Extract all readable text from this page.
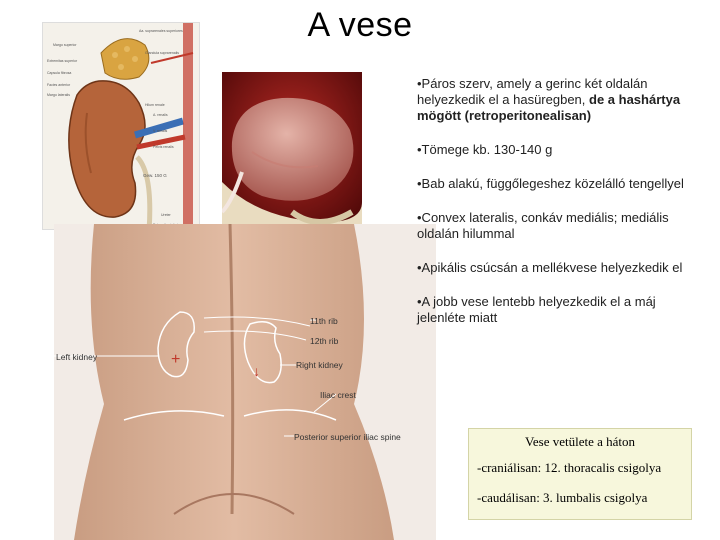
A vese
Aa. suprarenales superiores
Margo superior
Glandula suprarenalis
Extremitas superior
Capsula fibrosa
Facies anterior
Margo lateralis
Hilum renale
A. renalis
V. renalis
Pelvis renalis
Ureter
Gew. 150 G
+
↓
11th rib
12th rib
Left kidney
Right kidney
Iliac crest
Posterior superior iliac spine
•Páros szerv, amely a gerinc két oldalán helyezkedik el a hasüregben, de a hashártya mögött (retroperitonealisan)
•Tömege kb. 130-140 g
•Bab alakú, függőlegeshez közelálló tengellyel
•Convex lateralis, conkáv mediális; mediális oldalán hilummal
•Apikális csúcsán a mellékvese helyezkedik el
•A jobb vese lentebb helyezkedik el a máj jelenléte miatt
Vese vetülete a háton
-craniálisan: 12. thoracalis csigolya
-caudálisan: 3. lumbalis csigolya
